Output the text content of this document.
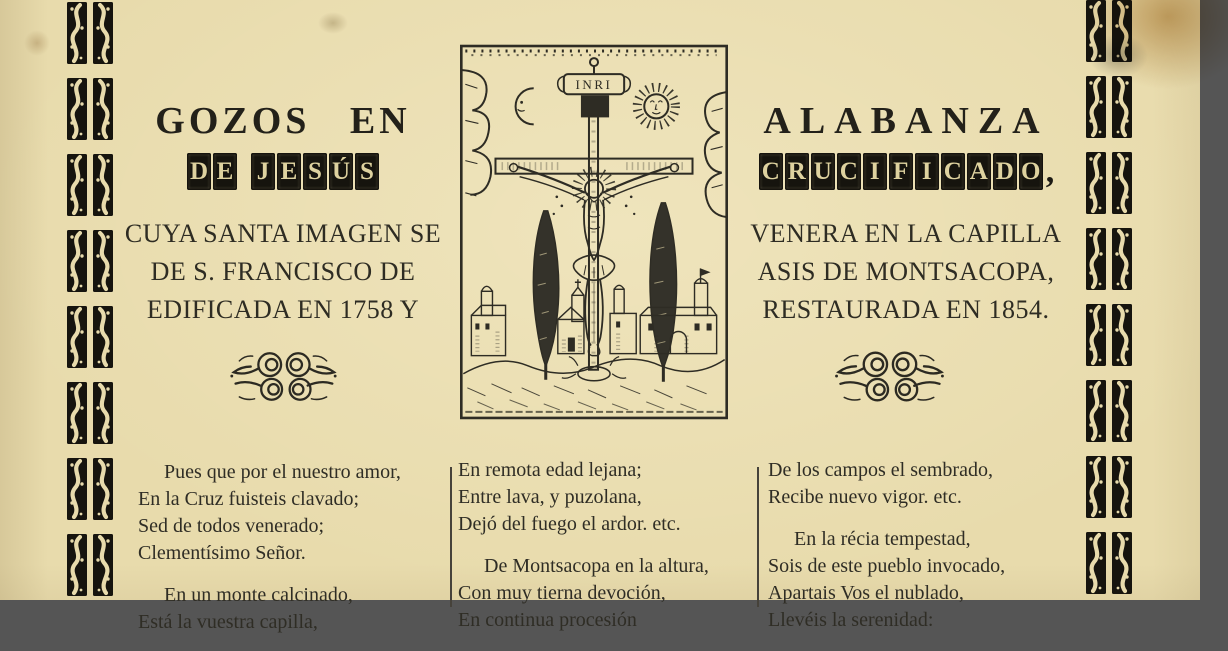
GOZOS EN
D E J E S Ú S
CUYA SANTA IMAGEN SE
DE S. FRANCISCO DE
EDIFICADA EN 1758 Y
ALABANZA
C R U C I F I C A D O ,
VENERA EN LA CAPILLA
ASIS DE MONTSACOPA,
RESTAURADA EN 1854.
INRI
Pues que por el nuestro amor,
En la Cruz fuisteis clavado;
Sed de todos venerado;
Clementísimo Señor.
En un monte calcinado,
Está la vuestra capilla,
En remota edad lejana;
Entre lava, y puzolana,
Dejó del fuego el ardor. etc.
De Montsacopa en la altura,
Con muy tierna devoción,
En continua procesión
De los campos el sembrado,
Recibe nuevo vigor. etc.
En la récia tempestad,
Sois de este pueblo invocado,
Apartais Vos el nublado,
Llevéis la serenidad:
